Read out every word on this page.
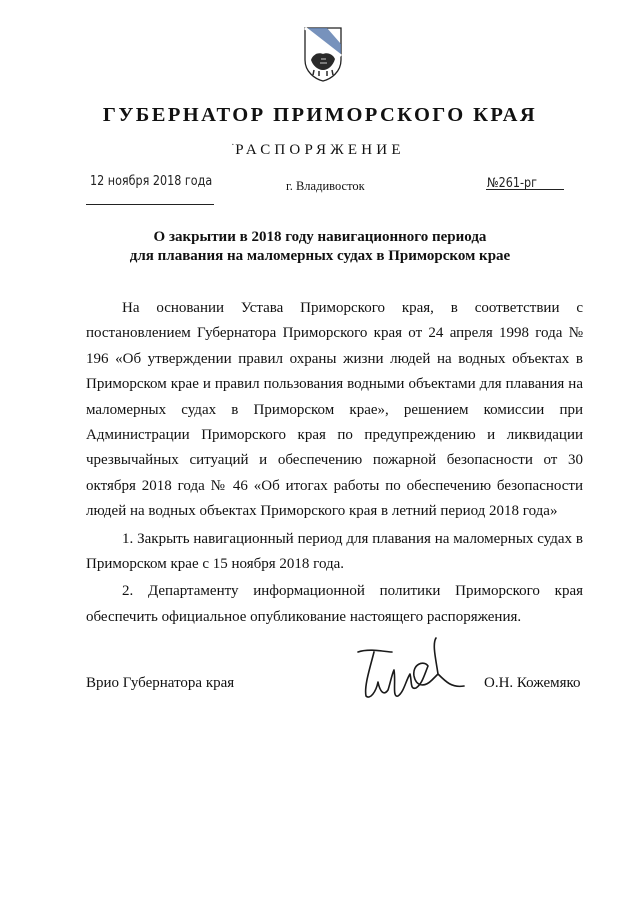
ГУБЕРНАТОР ПРИМОРСКОГО КРАЯ
· РАСПОРЯЖЕНИЕ
12 ноября 2018 года	г. Владивосток	№261-рг
О закрытии в 2018 году навигационного периода
для плавания на маломерных судах в Приморском крае

На основании Устава Приморского края, в соответствии с постановлением Губернатора Приморского края от 24 апреля 1998 года № 196 «Об утверждении правил охраны жизни людей на водных объектах в Приморском крае и правил пользования водными объектами для плавания на маломерных судах в Приморском крае», решением комиссии при Администрации Приморского края по предупреждению и ликвидации чрезвычайных ситуаций и обеспечению пожарной безопасности от 30 октября 2018 года № 46 «Об итогах работы по обеспечению безопасности людей на водных объектах Приморского края в летний период 2018 года»

1. Закрыть навигационный период для плавания на маломерных судах в Приморском крае с 15 ноября 2018 года.

2. Департаменту информационной политики Приморского края обеспечить официальное опубликование настоящего распоряжения.

Врио Губернатора края	О.Н. Кожемяко
